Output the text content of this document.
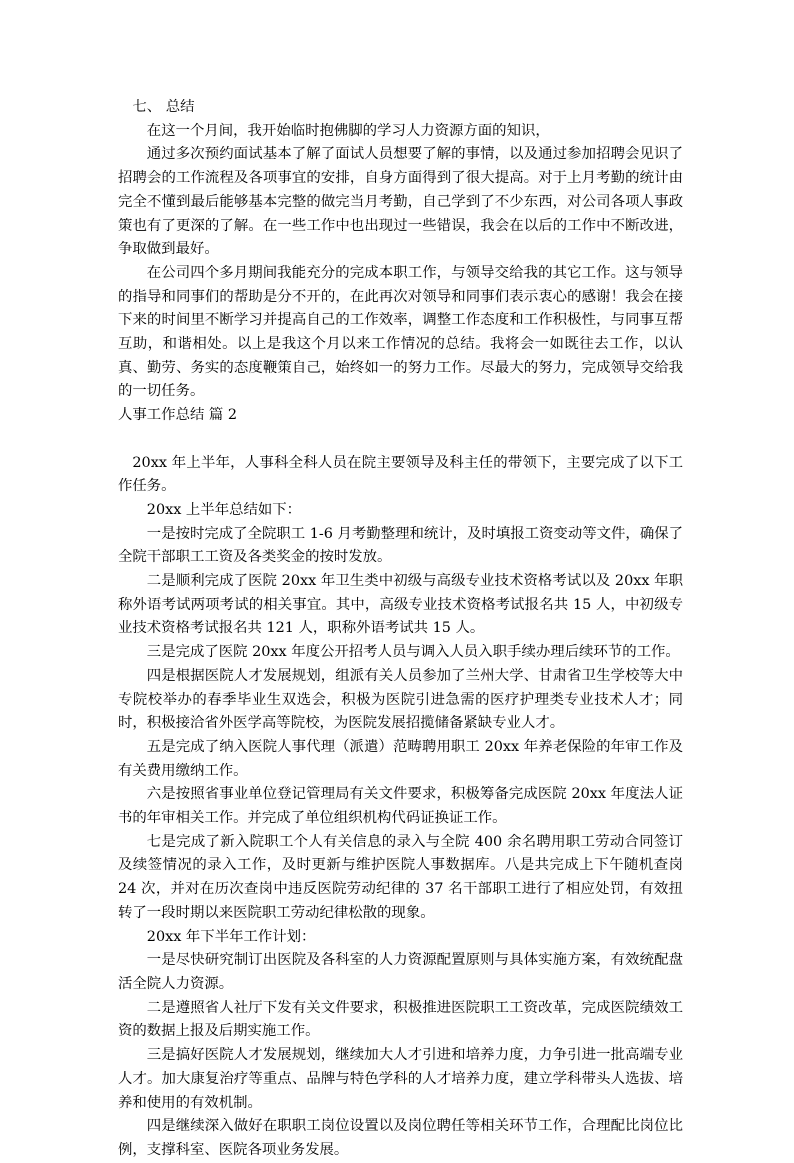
七、 总结

在这一个月间，我开始临时抱佛脚的学习人力资源方面的知识，

通过多次预约面试基本了解了面试人员想要了解的事情，以及通过参加招聘会见识了招聘会的工作流程及各项事宜的安排，自身方面得到了很大提高。对于上月考勤的统计由完全不懂到最后能够基本完整的做完当月考勤，自己学到了不少东西，对公司各项人事政策也有了更深的了解。在一些工作中也出现过一些错误，我会在以后的工作中不断改进，争取做到最好。

在公司四个多月期间我能充分的完成本职工作，与领导交给我的其它工作。这与领导的指导和同事们的帮助是分不开的，在此再次对领导和同事们表示衷心的感谢！我会在接下来的时间里不断学习并提高自己的工作效率，调整工作态度和工作积极性，与同事互帮互助，和谐相处。以上是我这个月以来工作情况的总结。我将会一如既往去工作，以认真、勤劳、务实的态度鞭策自己，始终如一的努力工作。尽最大的努力，完成领导交给我的一切任务。

人事工作总结 篇 2

20xx 年上半年，人事科全科人员在院主要领导及科主任的带领下，主要完成了以下工作任务。

20xx 上半年总结如下：

一是按时完成了全院职工 1-6 月考勤整理和统计，及时填报工资变动等文件，确保了全院干部职工工资及各类奖金的按时发放。

二是顺利完成了医院 20xx 年卫生类中初级与高级专业技术资格考试以及 20xx 年职称外语考试两项考试的相关事宜。其中，高级专业技术资格考试报名共 15 人，中初级专业技术资格考试报名共 121 人，职称外语考试共 15 人。

三是完成了医院 20xx 年度公开招考人员与调入人员入职手续办理后续环节的工作。

四是根据医院人才发展规划，组派有关人员参加了兰州大学、甘肃省卫生学校等大中专院校举办的春季毕业生双选会，积极为医院引进急需的医疗护理类专业技术人才；同时，积极接洽省外医学高等院校，为医院发展招揽储备紧缺专业人才。

五是完成了纳入医院人事代理（派遣）范畴聘用职工 20xx 年养老保险的年审工作及有关费用缴纳工作。

六是按照省事业单位登记管理局有关文件要求，积极筹备完成医院 20xx 年度法人证书的年审相关工作。并完成了单位组织机构代码证换证工作。

七是完成了新入院职工个人有关信息的录入与全院 400 余名聘用职工劳动合同签订及续签情况的录入工作，及时更新与维护医院人事数据库。八是共完成上下午随机查岗 24 次，并对在历次查岗中违反医院劳动纪律的 37 名干部职工进行了相应处罚，有效扭转了一段时期以来医院职工劳动纪律松散的现象。

20xx 年下半年工作计划：

一是尽快研究制订出医院及各科室的人力资源配置原则与具体实施方案，有效统配盘活全院人力资源。

二是遵照省人社厅下发有关文件要求，积极推进医院职工工资改革，完成医院绩效工资的数据上报及后期实施工作。

三是搞好医院人才发展规划，继续加大人才引进和培养力度，力争引进一批高端专业人才。加大康复治疗等重点、品牌与特色学科的人才培养力度，建立学科带头人选拔、培养和使用的有效机制。

四是继续深入做好在职职工岗位设置以及岗位聘任等相关环节工作，合理配比岗位比例，支撑科室、医院各项业务发展。
